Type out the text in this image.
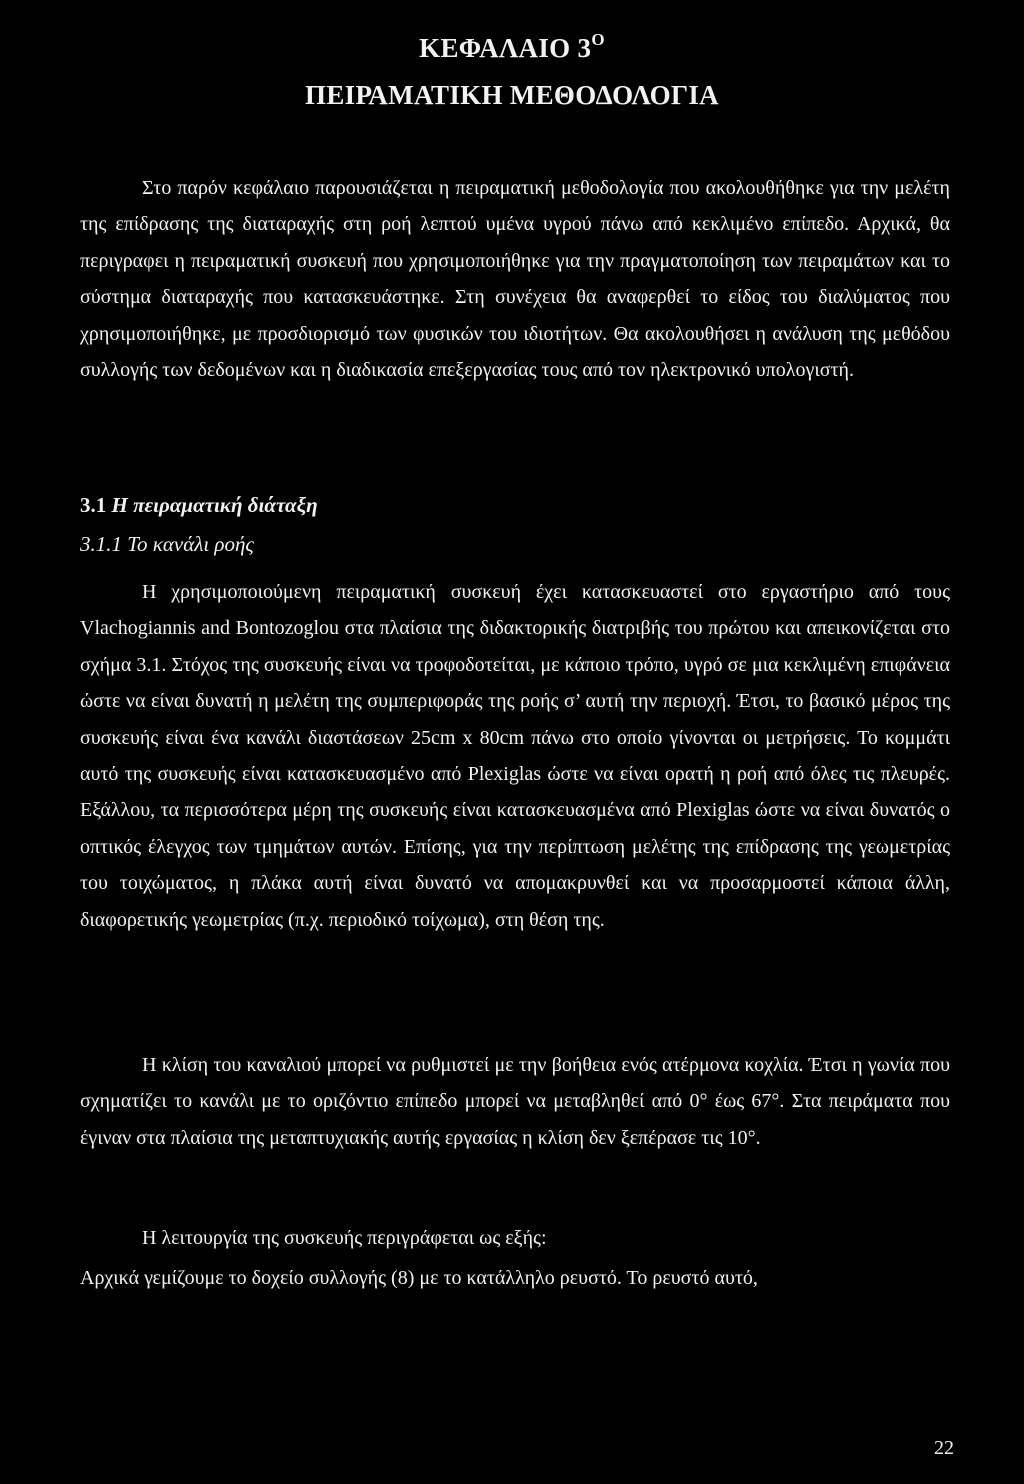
ΚΕΦΑΛΑΙΟ $3^O$
ΠΕΙΡΑΜΑΤΙΚΗ ΜΕΘΟΔΟΛΟΓΙΑ

Στο παρόν κεφάλαιο παρουσιάζεται η πειραματική μεθοδολογία που ακολουθήθηκε για την μελέτη της επίδρασης της διαταραχής στη ροή λεπτού υμένα υγρού πάνω από κεκλιμένο επίπεδο. Αρχικά, θα περιγραφει η πειραματική συσκευή που χρησιμοποιήθηκε για την πραγματοποίηση των πειραμάτων και το σύστημα διαταραχής που κατασκευάστηκε. Στη συνέχεια θα αναφερθεί το είδος του διαλύματος που χρησιμοποιήθηκε, με προσδιορισμό των φυσικών του ιδιοτήτων. Θα ακολουθήσει η ανάλυση της μεθόδου συλλογής των δεδομένων και η διαδικασία επεξεργασίας τους από τον ηλεκτρονικό υπολογιστή.

3.1 Η πειραματική διάταξη
3.1.1 Το κανάλι ροής

Η χρησιμοποιούμενη πειραματική συσκευή έχει κατασκευαστεί στο εργαστήριο από τους Vlachogiannis and Bontozoglou στα πλαίσια της διδακτορικής διατριβής του πρώτου και απεικονίζεται στο σχήμα 3.1. Στόχος της συσκευής είναι να τροφοδοτείται, με κάποιο τρόπο, υγρό σε μια κεκλιμένη επιφάνεια ώστε να είναι δυνατή η μελέτη της συμπεριφοράς της ροής σ’ αυτή την περιοχή. Έτσι, το βασικό μέρος της συσκευής είναι ένα κανάλι διαστάσεων 25cm x 80cm πάνω στο οποίο γίνονται οι μετρήσεις. Το κομμάτι αυτό της συσκευής είναι κατασκευασμένο από Plexiglas ώστε να είναι ορατή η ροή από όλες τις πλευρές. Εξάλλου, τα περισσότερα μέρη της συσκευής είναι κατασκευασμένα από Plexiglas ώστε να είναι δυνατός ο οπτικός έλεγχος των τμημάτων αυτών. Επίσης, για την περίπτωση μελέτης της επίδρασης της γεωμετρίας του τοιχώματος, η πλάκα αυτή είναι δυνατό να απομακρυνθεί και να προσαρμοστεί κάποια άλλη, διαφορετικής γεωμετρίας (π.χ. περιοδικό τοίχωμα), στη θέση της.

Η κλίση του καναλιού μπορεί να ρυθμιστεί με την βοήθεια ενός ατέρμονα κοχλία. Έτσι η γωνία που σχηματίζει το κανάλι με το οριζόντιο επίπεδο μπορεί να μεταβληθεί από 0° έως 67°. Στα πειράματα που έγιναν στα πλαίσια της μεταπτυχιακής αυτής εργασίας η κλίση δεν ξεπέρασε τις 10°.

Η λειτουργία της συσκευής περιγράφεται ως εξής:

Αρχικά γεμίζουμε το δοχείο συλλογής (8) με το κατάλληλο ρευστό. Το ρευστό αυτό,

22
